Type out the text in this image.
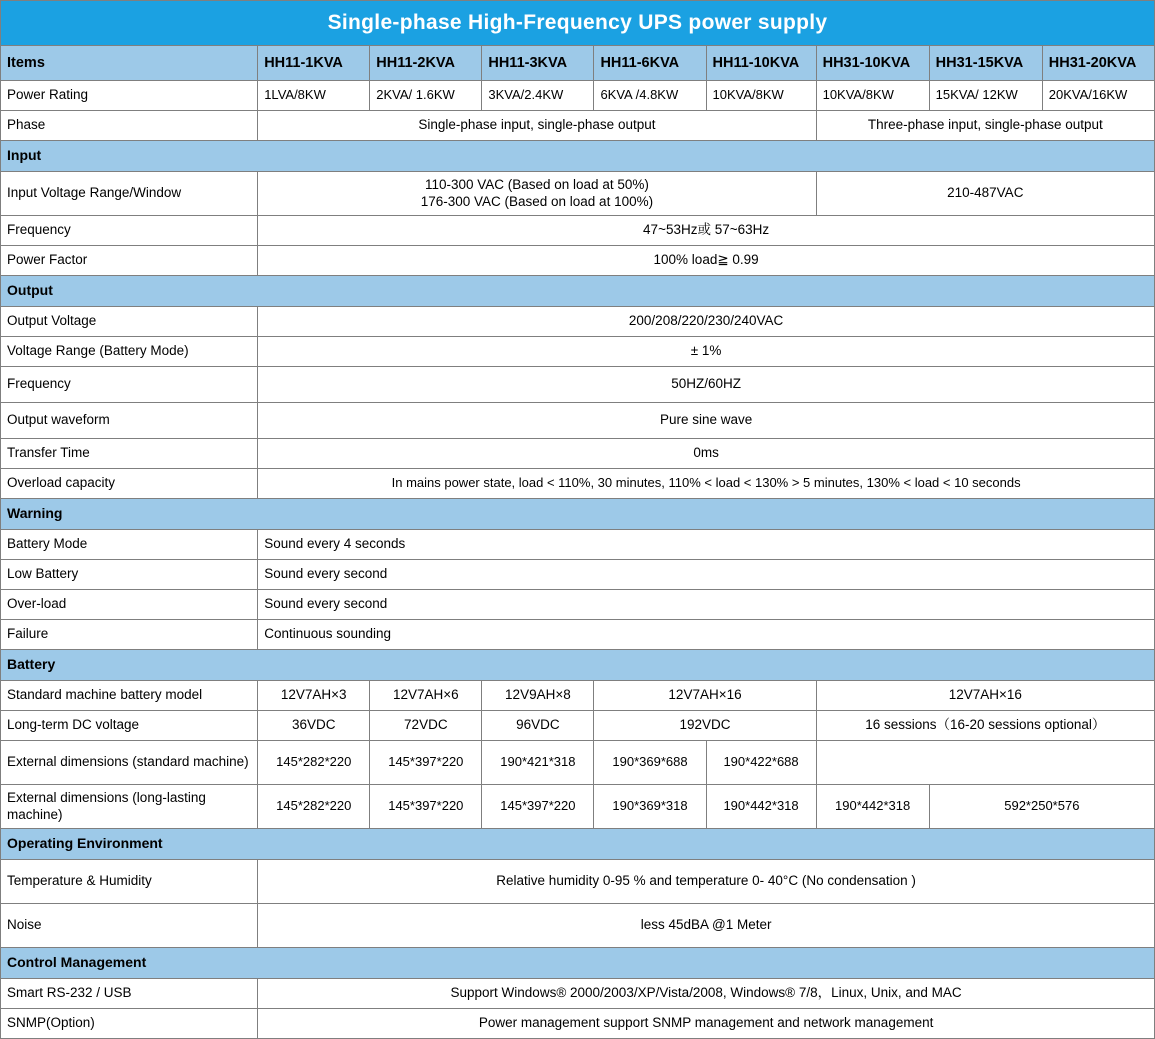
Single-phase High-Frequency UPS power supply								
Items	HH11-1KVA	HH11-2KVA	HH11-3KVA	HH11-6KVA	HH11-10KVA	HH31-10KVA	HH31-15KVA	HH31-20KVA
Power Rating	1LVA/8KW	2KVA/ 1.6KW	3KVA/2.4KW	6KVA /4.8KW	10KVA/8KW	10KVA/8KW	15KVA/ 12KW	20KVA/16KW
Phase	Single-phase input, single-phase output					Three-phase input, single-phase output		
Input								
Input Voltage Range/Window	110-300 VAC (Based on load at 50%)
176-300 VAC (Based on load at 100%)					210-487VAC		
Frequency	47~53Hz或 57~63Hz							
Power Factor	100% load≧ 0.99							
Output								
Output Voltage	200/208/220/230/240VAC							
Voltage Range (Battery Mode)	± 1%							
Frequency	50HZ/60HZ							
Output waveform	Pure sine wave							
Transfer Time	0ms							
Overload capacity	In mains power state, load < 110%, 30 minutes, 110% < load < 130% > 5 minutes, 130% < load < 10 seconds							
Warning								
Battery Mode	Sound every 4 seconds							
Low Battery	Sound every second							
Over-load	Sound every second							
Failure	Continuous sounding							
Battery								
Standard machine battery model	12V7AH×3	12V7AH×6	12V9AH×8	12V7AH×16		12V7AH×16		
Long-term DC voltage	36VDC	72VDC	96VDC	192VDC		16 sessions（16-20 sessions optional）		
External dimensions (standard machine)	145*282*220	145*397*220	190*421*318	190*369*688	190*422*688			
External dimensions (long-lasting machine)	145*282*220	145*397*220	145*397*220	190*369*318	190*442*318	190*442*318	592*250*576	
Operating Environment								
Temperature & Humidity	Relative humidity 0-95 % and temperature 0- 40°C (No condensation )							
Noise	less 45dBA @1 Meter							
Control Management								
Smart RS-232 / USB	Support Windows® 2000/2003/XP/Vista/2008, Windows® 7/8，Linux, Unix, and MAC							
SNMP(Option)	Power management support SNMP management and network management							
